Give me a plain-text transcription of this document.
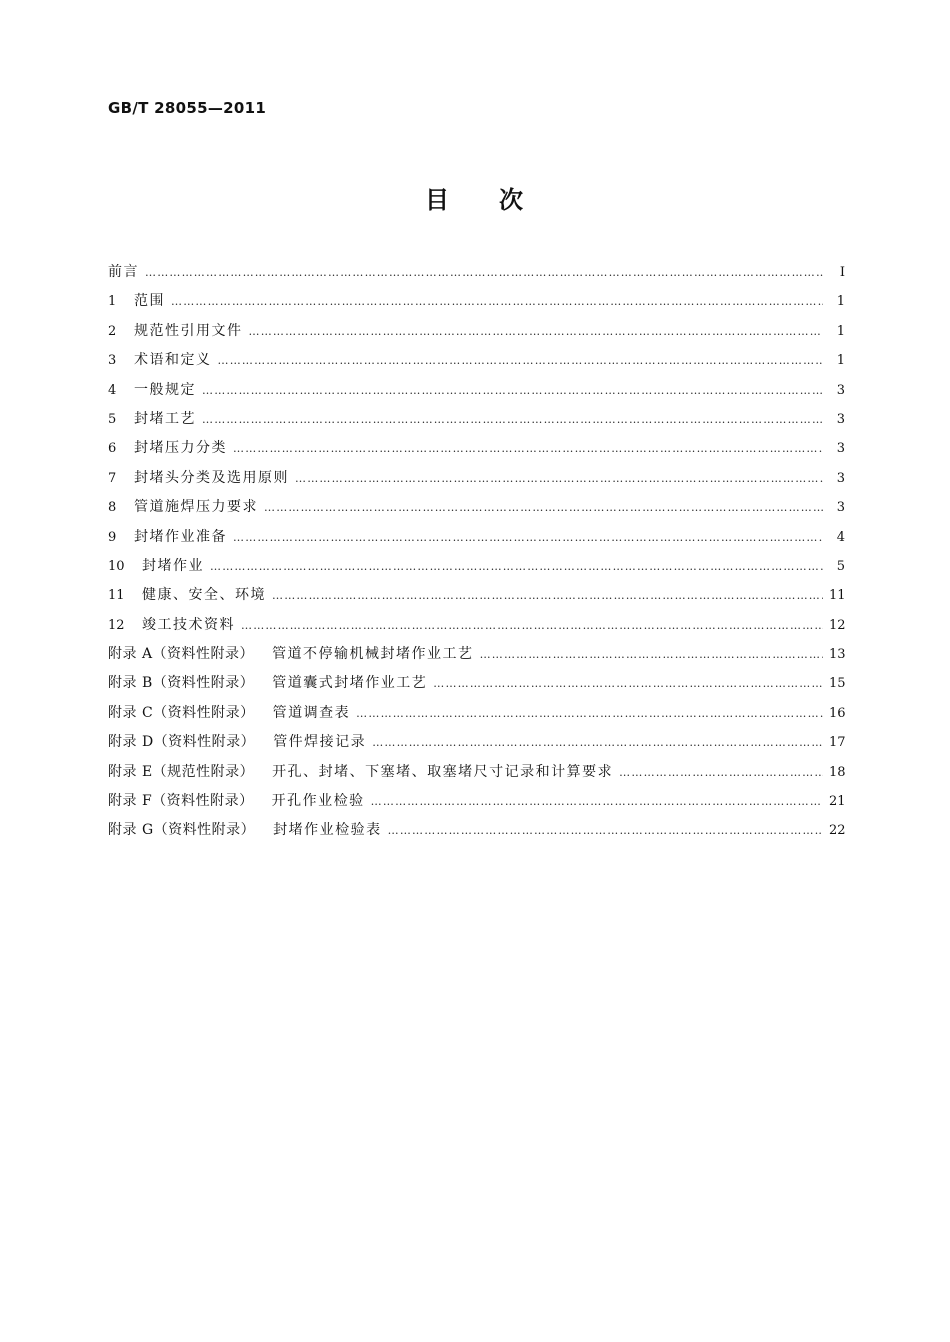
GB/T 28055—2011
目 次
前言 …………………………………………………………………………………………………………………………………………………………………………………………………………………	Ⅰ
1	范围 …………………………………………………………………………………………………………………………………………………………………………………………………………………	1
2	规范性引用文件 …………………………………………………………………………………………………………………………………………………………………………………………………………………	1
3	术语和定义 …………………………………………………………………………………………………………………………………………………………………………………………………………………	1
4	一般规定 …………………………………………………………………………………………………………………………………………………………………………………………………………………	3
5	封堵工艺 …………………………………………………………………………………………………………………………………………………………………………………………………………………	3
6	封堵压力分类 …………………………………………………………………………………………………………………………………………………………………………………………………………………	3
7	封堵头分类及选用原则 …………………………………………………………………………………………………………………………………………………………………………………………………………………	3
8	管道施焊压力要求 …………………………………………………………………………………………………………………………………………………………………………………………………………………	3
9	封堵作业准备 …………………………………………………………………………………………………………………………………………………………………………………………………………………	4
10	封堵作业 …………………………………………………………………………………………………………………………………………………………………………………………………………………	5
11	健康、安全、环境 …………………………………………………………………………………………………………………………………………………………………………………………………………………	11
12	竣工技术资料 …………………………………………………………………………………………………………………………………………………………………………………………………………………	12
附录 A（资料性附录） 管道不停输机械封堵作业工艺 …………………………………………………………………………………………………………………………………………………………………………………………………………………	13
附录 B（资料性附录） 管道囊式封堵作业工艺 …………………………………………………………………………………………………………………………………………………………………………………………………………………	15
附录 C（资料性附录） 管道调查表 …………………………………………………………………………………………………………………………………………………………………………………………………………………	16
附录 D（资料性附录） 管件焊接记录 …………………………………………………………………………………………………………………………………………………………………………………………………………………	17
附录 E（规范性附录） 开孔、封堵、下塞堵、取塞堵尺寸记录和计算要求 …………………………………………………………………………………………………………………………………………………………………………………………………………………	18
附录 F（资料性附录） 开孔作业检验 …………………………………………………………………………………………………………………………………………………………………………………………………………………	21
附录 G（资料性附录） 封堵作业检验表 …………………………………………………………………………………………………………………………………………………………………………………………………………………	22
